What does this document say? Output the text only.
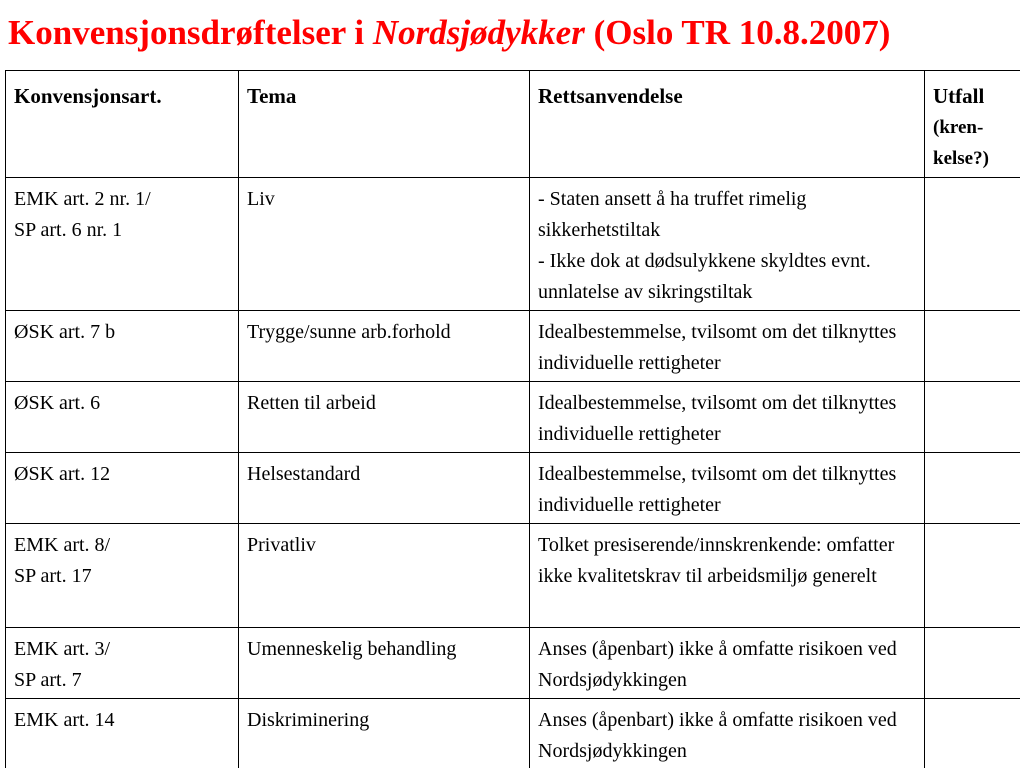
Konvensjonsdrøftelser i Nordsjødykker (Oslo TR 10.8.2007)
Konvensjonsart.	Tema	Rettsanvendelse	Utfall
(kren-
kelse?)

EMK art. 2 nr. 1/
SP art. 6 nr. 1	Liv	- Staten ansett å ha truffet rimelig sikkerhetstiltak
- Ikke dok at dødsulykkene skyldtes evnt. unnlatelse av sikringstiltak	

ØSK art. 7 b	Trygge/sunne arb.forhold	Idealbestemmelse, tvilsomt om det tilknyttes individuelle rettigheter	
ØSK art. 6	Retten til arbeid	Idealbestemmelse, tvilsomt om det tilknyttes individuelle rettigheter	
ØSK art. 12	Helsestandard	Idealbestemmelse, tvilsomt om det tilknyttes individuelle rettigheter	

EMK art. 8/
SP art. 17	Privatliv	Tolket presiserende/innskrenkende: omfatter ikke kvalitetskrav til arbeidsmiljø generelt	

EMK art. 3/
SP art. 7	Umenneskelig behandling	Anses (åpenbart) ikke å omfatte risikoen ved Nordsjødykkingen	
EMK art. 14	Diskriminering	Anses (åpenbart) ikke å omfatte risikoen ved Nordsjødykkingen	
